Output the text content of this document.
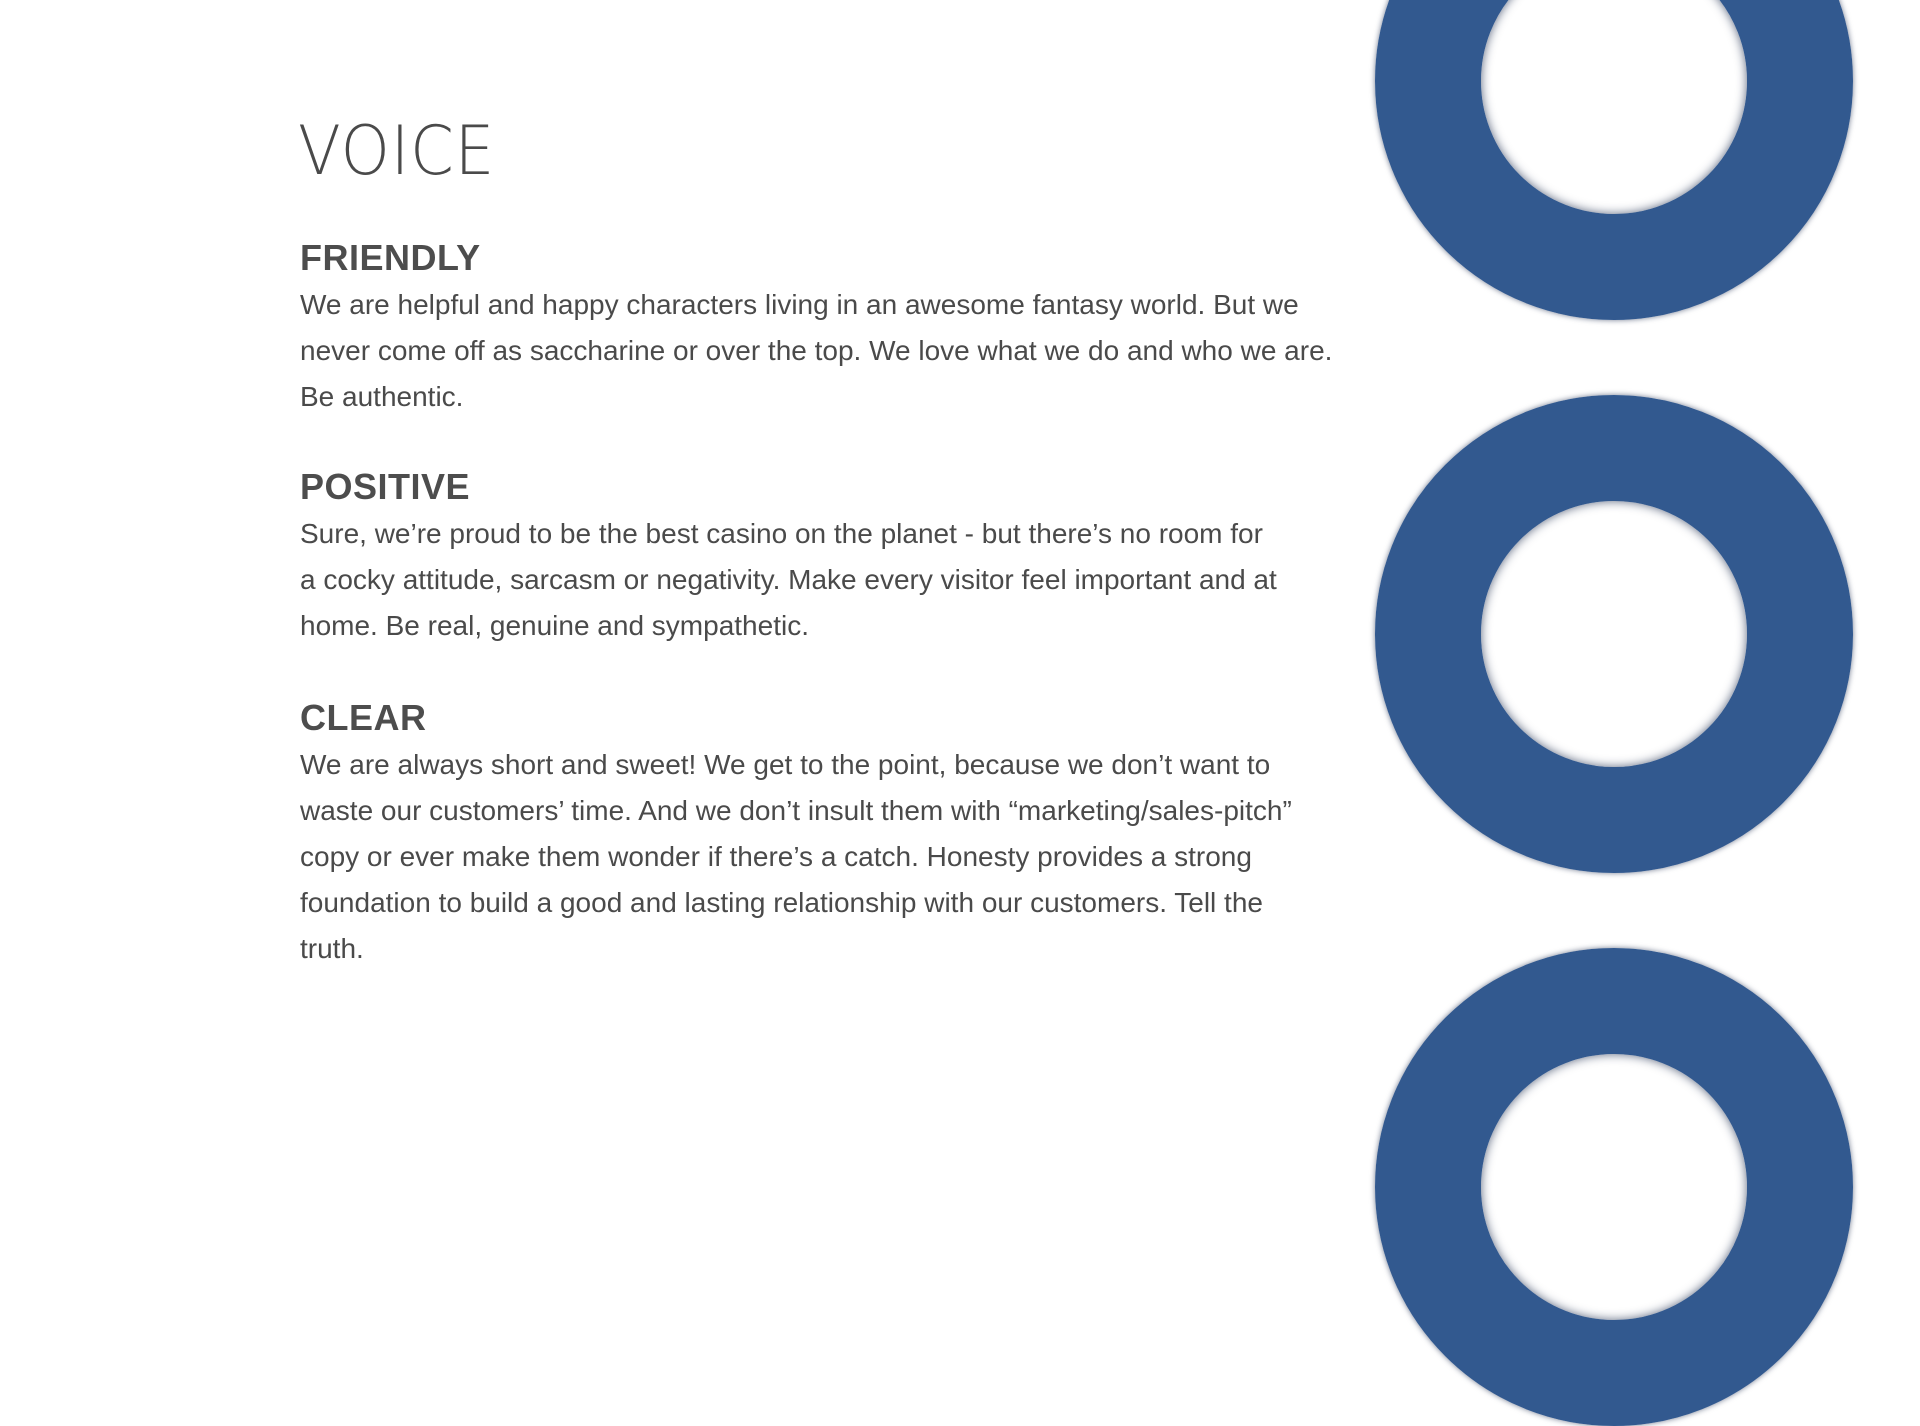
VOICE
FRIENDLY

We are helpful and happy characters living in an awesome fantasy world. But we
never come off as saccharine or over the top. We love what we do and who we are.
Be authentic.

POSITIVE

Sure, we’re proud to be the best casino on the planet - but there’s no room for
a cocky attitude, sarcasm or negativity. Make every visitor feel important and at
home. Be real, genuine and sympathetic.

CLEAR

We are always short and sweet! We get to the point, because we don’t want to
waste our customers’ time. And we don’t insult them with “marketing/sales-pitch”
copy or ever make them wonder if there’s a catch. Honesty provides a strong
foundation to build a good and lasting relationship with our customers. Tell the
truth.
